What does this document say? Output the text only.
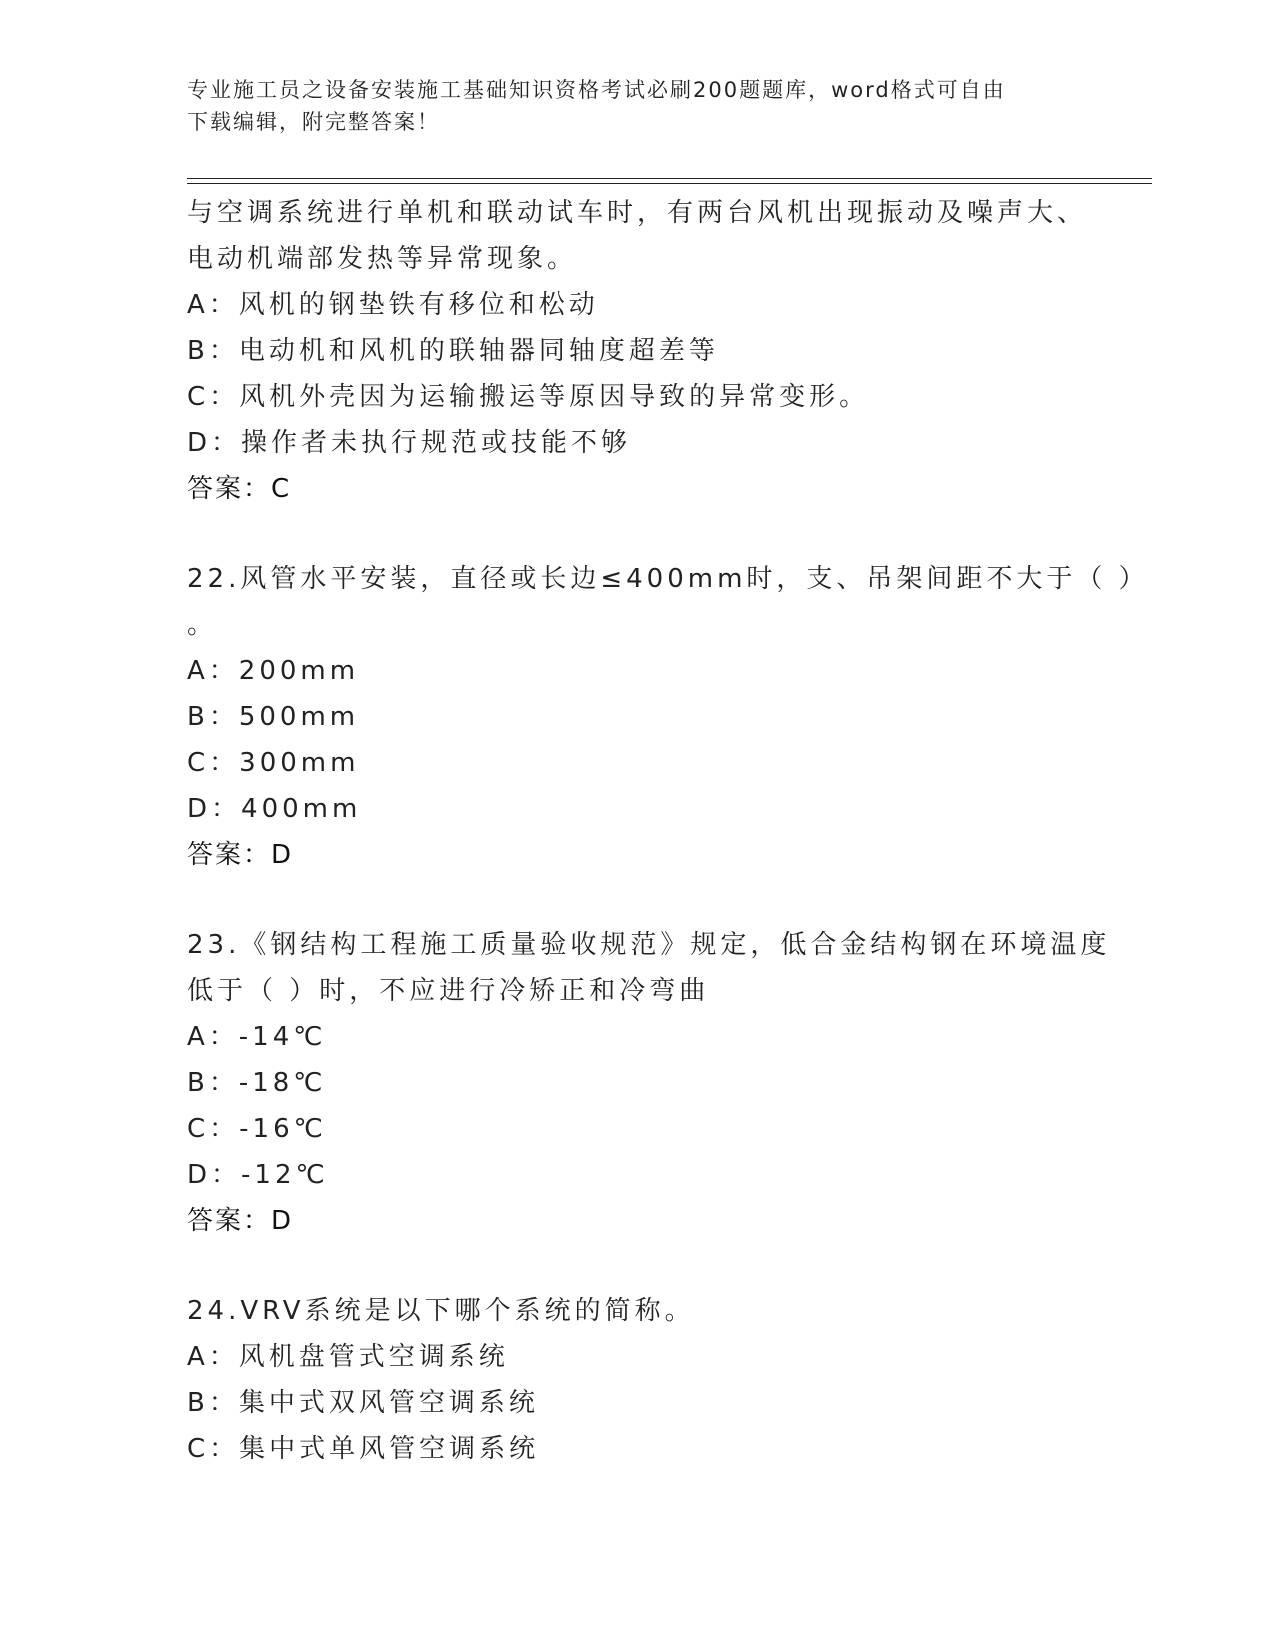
专业施工员之设备安装施工基础知识资格考试必刷200题题库，word格式可自由
下载编辑，附完整答案！
与空调系统进行单机和联动试车时，有两台风机出现振动及噪声大、
电动机端部发热等异常现象。
A：风机的钢垫铁有移位和松动
B：电动机和风机的联轴器同轴度超差等
C：风机外壳因为运输搬运等原因导致的异常变形。
D：操作者未执行规范或技能不够
答案：C
22.风管水平安装，直径或长边≤400mm时，支、吊架间距不大于（ ）
。
A：200mm
B：500mm
C：300mm
D：400mm
答案：D
23.《钢结构工程施工质量验收规范》规定，低合金结构钢在环境温度
低于（ ）时，不应进行冷矫正和冷弯曲
A：-14℃
B：-18℃
C：-16℃
D：-12℃
答案：D
24.VRV系统是以下哪个系统的简称。
A：风机盘管式空调系统
B：集中式双风管空调系统
C：集中式单风管空调系统
